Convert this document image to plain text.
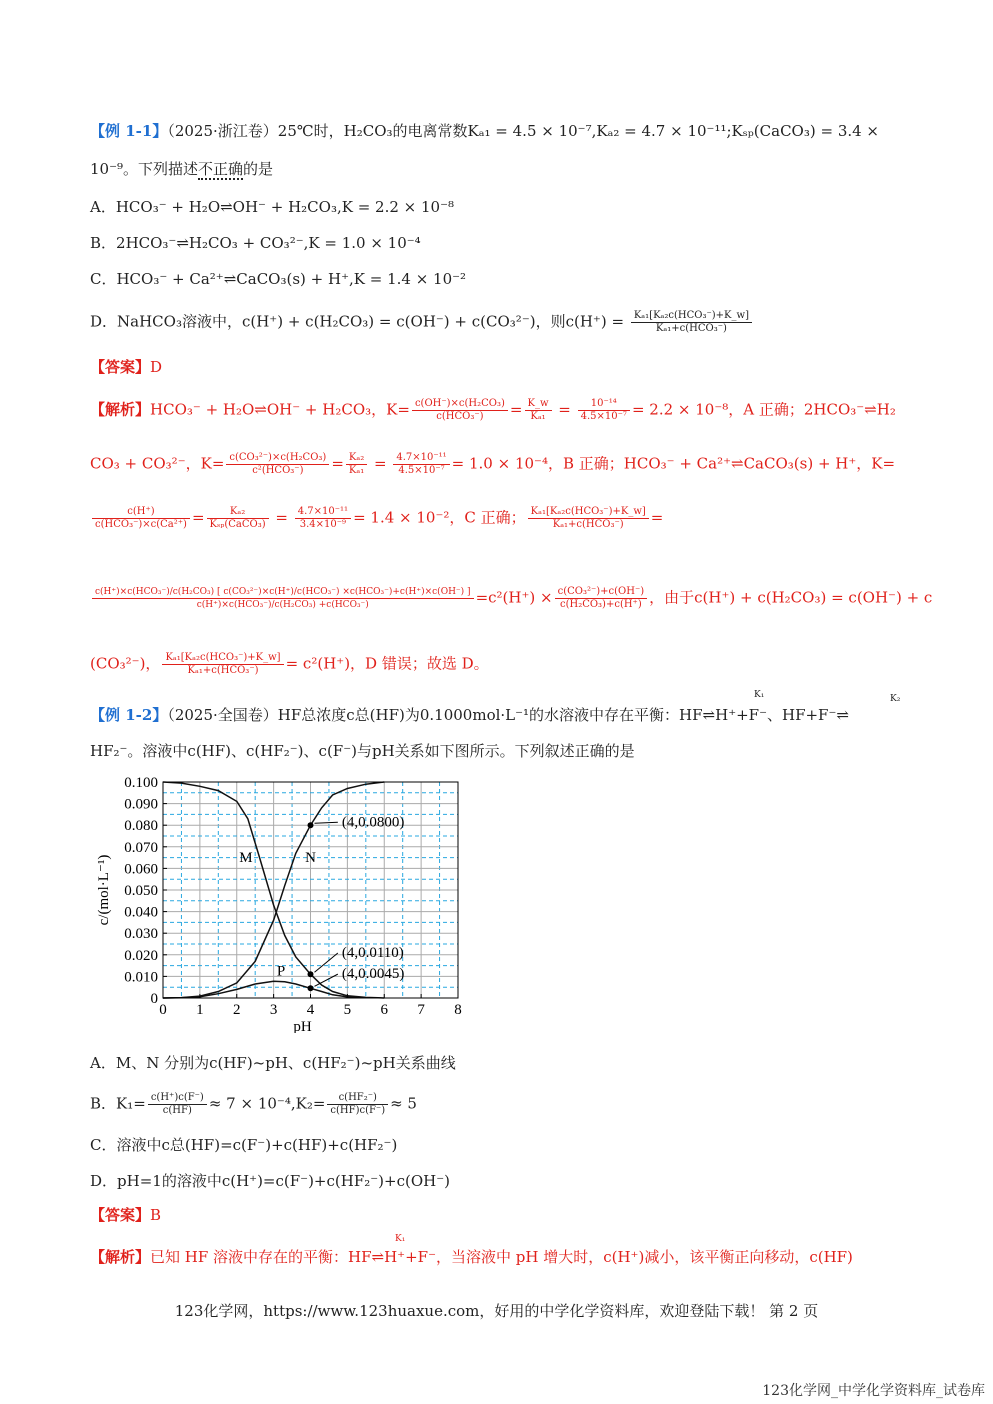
【例 1-1】（2025·浙江卷）25℃时，H₂CO₃的电离常数Kₐ₁ = 4.5 × 10⁻⁷,Kₐ₂ = 4.7 × 10⁻¹¹;Kₛₚ(CaCO₃) = 3.4 ×
10⁻⁹。下列描述不正确的是
A．HCO₃⁻ + H₂O⇌OH⁻ + H₂CO₃,K = 2.2 × 10⁻⁸
B．2HCO₃⁻⇌H₂CO₃ + CO₃²⁻,K = 1.0 × 10⁻⁴
C．HCO₃⁻ + Ca²⁺⇌CaCO₃(s) + H⁺,K = 1.4 × 10⁻²
D．NaHCO₃溶液中，c(H⁺) + c(H₂CO₃) = c(OH⁻) + c(CO₃²⁻)，则$c(H^+) = \frac{\text{Kₐ₁[Kₐ₂c(HCO₃⁻)+K\_w]}}{\text{Kₐ₁+c(HCO₃⁻)}}$
【答案】D
【解析】HCO₃⁻ + H₂O⇌OH⁻ + H₂CO₃，$K= \frac{\text{c(OH⁻)×c(H₂CO₃)}}{\text{c(HCO₃⁻)}} = \frac{K\_w}{\text{Kₐ₁}} = \frac{\text{10⁻¹⁴}}{\text{4.5×10⁻⁷}} = 2.2 \times 10^{-8}$，A 正确；2HCO₃⁻⇌H₂
CO₃ + CO₃²⁻，$K= \frac{\text{c(CO₃²⁻)×c(H₂CO₃)}}{\text{c²(HCO₃⁻)}} = \frac{\text{Kₐ₂}}{\text{Kₐ₁}} = \frac{\text{4.7×10⁻¹¹}}{\text{4.5×10⁻⁷}} = 1.0 \times 10^{-4}$，B 正确；HCO₃⁻ + Ca²⁺⇌CaCO₃(s) + H⁺，K=
$\frac{c(H^+)}{\text{c(HCO₃⁻)×c(Ca²⁺)}} = \frac{\text{Kₐ₂}}{\text{Kₛₚ(CaCO₃)}} = \frac{\text{4.7×10⁻¹¹}}{\text{3.4×10⁻⁹}} = 1.4 \times 10^{-2}$，C 正确； $\frac{\text{Kₐ₁[Kₐ₂c(HCO₃⁻)+K\_w]}}{\text{Kₐ₁+c(HCO₃⁻)}}$ =
c(H⁺)×c(HCO₃⁻)/c(H₂CO₃) [ c(CO₃²⁻)×c(H⁺)/c(HCO₃⁻) ×c(HCO₃⁻)+c(H⁺)×c(OH⁻) ]
c(H⁺)×c(HCO₃⁻)/c(H₂CO₃) +c(HCO₃⁻)	$=c^2(H^+) \times \frac{\text{c(CO₃²⁻)+c(OH⁻)}}{\text{c(H₂CO₃)+c(H⁺)}}$ ，由于c(H⁺) + c(H₂CO₃) = c(OH⁻) + c
(CO₃²⁻)， $\frac{\text{Kₐ₁[Kₐ₂c(HCO₃⁻)+K\_w]}}{\text{Kₐ₁+c(HCO₃⁻)}} = c^2(H^+)$，D 错误；故选 D。
【例 1-2】（2025·全国卷）HF总浓度c总(HF)为0.1000mol·L⁻¹的水溶液中存在平衡：HF⇌H⁺+F⁻、HF+F⁻⇌
K₁	K₂
HF₂⁻。溶液中c(HF)、c(HF₂⁻)、c(F⁻)与pH关系如下图所示。下列叙述正确的是
0 1 2 3 4 5 6 7 8
0
0.010
0.020
0.030
0.040
0.050
0.060
0.070
0.080
0.090
0.100
pH
c/(mol·L⁻¹)	M	N
P
(4,0.0800)
(4,0.0110)
(4,0.0045)
A．M、N 分别为c(HF)~pH、c(HF₂⁻)~pH关系曲线
B．$K_1= \frac{c(H^+)c(F^-)}{c(HF)} \approx 7 \times 10^{-4},K_2= \frac{\text{c(HF₂⁻)}}{c(HF)c(F^-)} \approx 5$
C．溶液中c总(HF)=c(F⁻)+c(HF)+c(HF₂⁻)
D．pH=1的溶液中c(H⁺)=c(F⁻)+c(HF₂⁻)+c(OH⁻)
【答案】B
【解析】已知 HF 溶液中存在的平衡：HF⇌H⁺+F⁻，当溶液中 pH 增大时，c(H⁺)减小，该平衡正向移动，c(HF)
K₁
123化学网，https://www.123huaxue.com，好用的中学化学资料库，欢迎登陆下载！ 第 2 页
123化学网_中学化学资料库_试卷库
